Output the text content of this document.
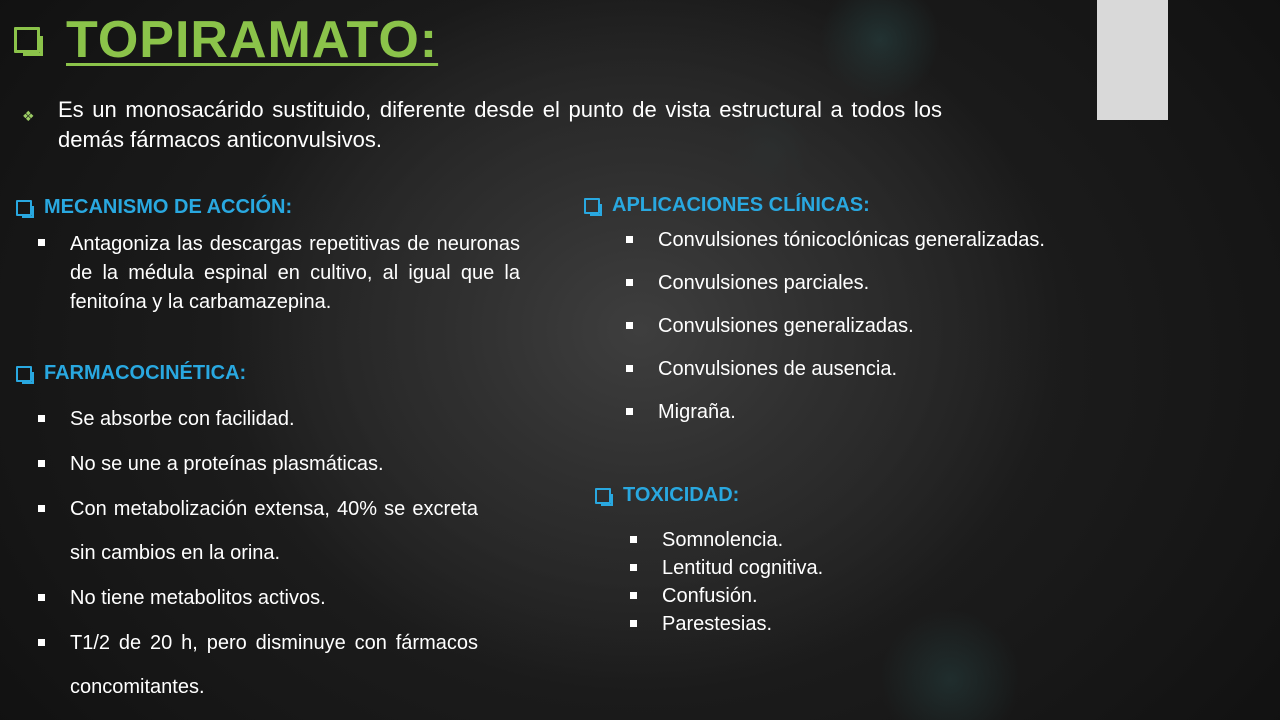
TOPIRAMATO:
❖	Es un monosacárido sustituido, diferente desde el punto de vista estructural a todos los demás fármacos anticonvulsivos.

MECANISMO DE ACCIÓN:
Antagoniza las descargas repetitivas de neuronas de la médula espinal en cultivo, al igual que la fenitoína y la carbamazepina.
FARMACOCINÉTICA:
Se absorbe con facilidad.
No se une a proteínas plasmáticas.
Con metabolización extensa, 40% se excreta sin cambios en la orina.
No tiene metabolitos activos.
T1/2 de 20 h, pero disminuye con fármacos concomitantes.
APLICACIONES CLÍNICAS:
Convulsiones tónicoclónicas generalizadas.
Convulsiones parciales.
Convulsiones generalizadas.
Convulsiones de ausencia.
Migraña.
TOXICIDAD:
Somnolencia.
Lentitud cognitiva.
Confusión.
Parestesias.
